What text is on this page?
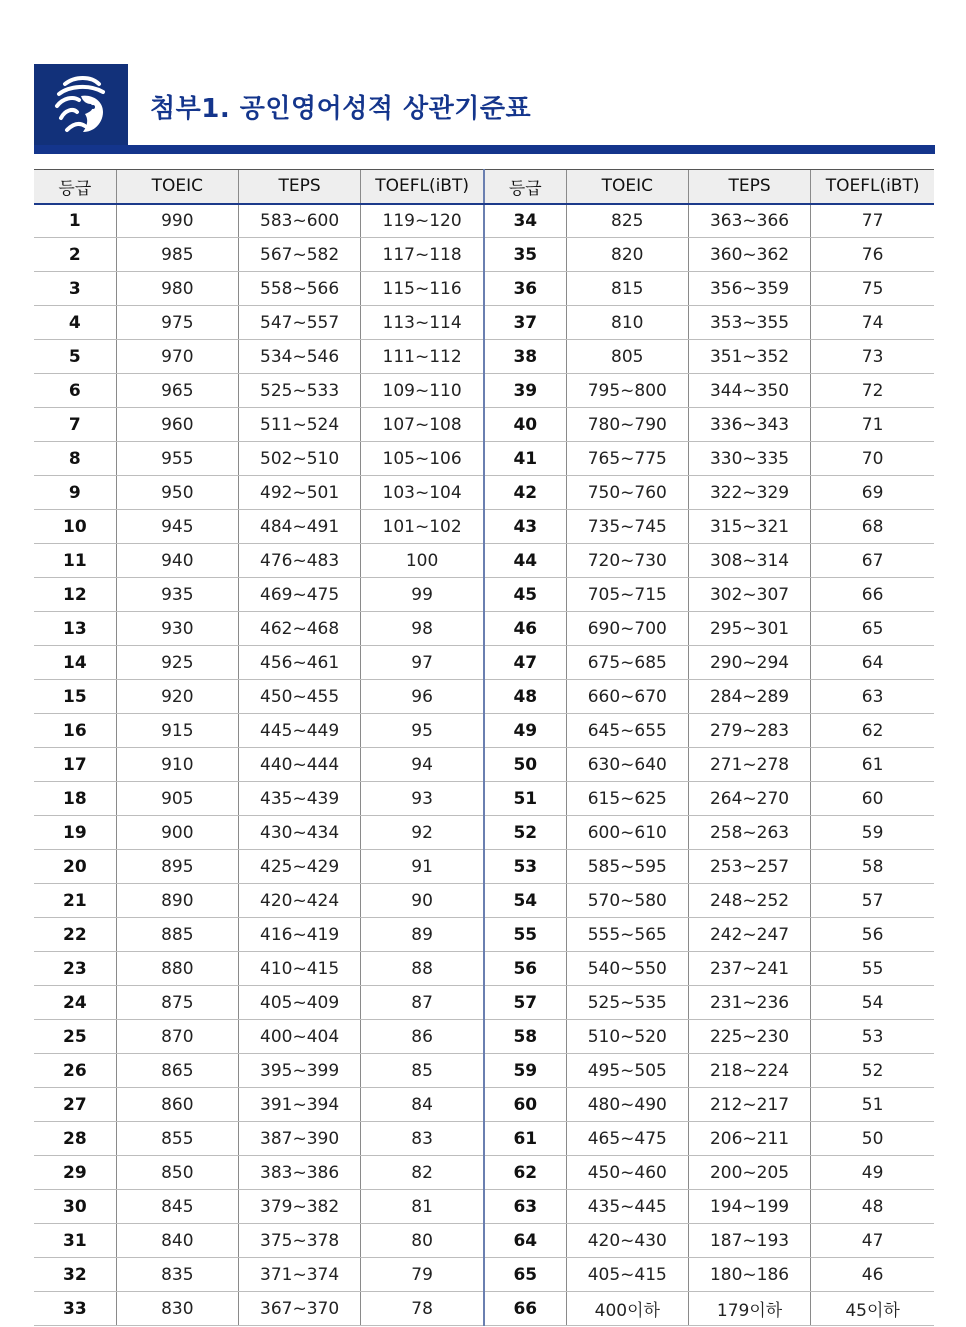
첨부1. 공인영어성적 상관기준표
등급	TOEIC	TEPS	TOEFL(iBT)	등급	TOEIC	TEPS	TOEFL(iBT)
1	990	583~600	119~120	34	825	363~366	77
2	985	567~582	117~118	35	820	360~362	76
3	980	558~566	115~116	36	815	356~359	75
4	975	547~557	113~114	37	810	353~355	74
5	970	534~546	111~112	38	805	351~352	73
6	965	525~533	109~110	39	795~800	344~350	72
7	960	511~524	107~108	40	780~790	336~343	71
8	955	502~510	105~106	41	765~775	330~335	70
9	950	492~501	103~104	42	750~760	322~329	69
10	945	484~491	101~102	43	735~745	315~321	68
11	940	476~483	100	44	720~730	308~314	67
12	935	469~475	99	45	705~715	302~307	66
13	930	462~468	98	46	690~700	295~301	65
14	925	456~461	97	47	675~685	290~294	64
15	920	450~455	96	48	660~670	284~289	63
16	915	445~449	95	49	645~655	279~283	62
17	910	440~444	94	50	630~640	271~278	61
18	905	435~439	93	51	615~625	264~270	60
19	900	430~434	92	52	600~610	258~263	59
20	895	425~429	91	53	585~595	253~257	58
21	890	420~424	90	54	570~580	248~252	57
22	885	416~419	89	55	555~565	242~247	56
23	880	410~415	88	56	540~550	237~241	55
24	875	405~409	87	57	525~535	231~236	54
25	870	400~404	86	58	510~520	225~230	53
26	865	395~399	85	59	495~505	218~224	52
27	860	391~394	84	60	480~490	212~217	51
28	855	387~390	83	61	465~475	206~211	50
29	850	383~386	82	62	450~460	200~205	49
30	845	379~382	81	63	435~445	194~199	48
31	840	375~378	80	64	420~430	187~193	47
32	835	371~374	79	65	405~415	180~186	46
33	830	367~370	78	66	400이하	179이하	45이하
